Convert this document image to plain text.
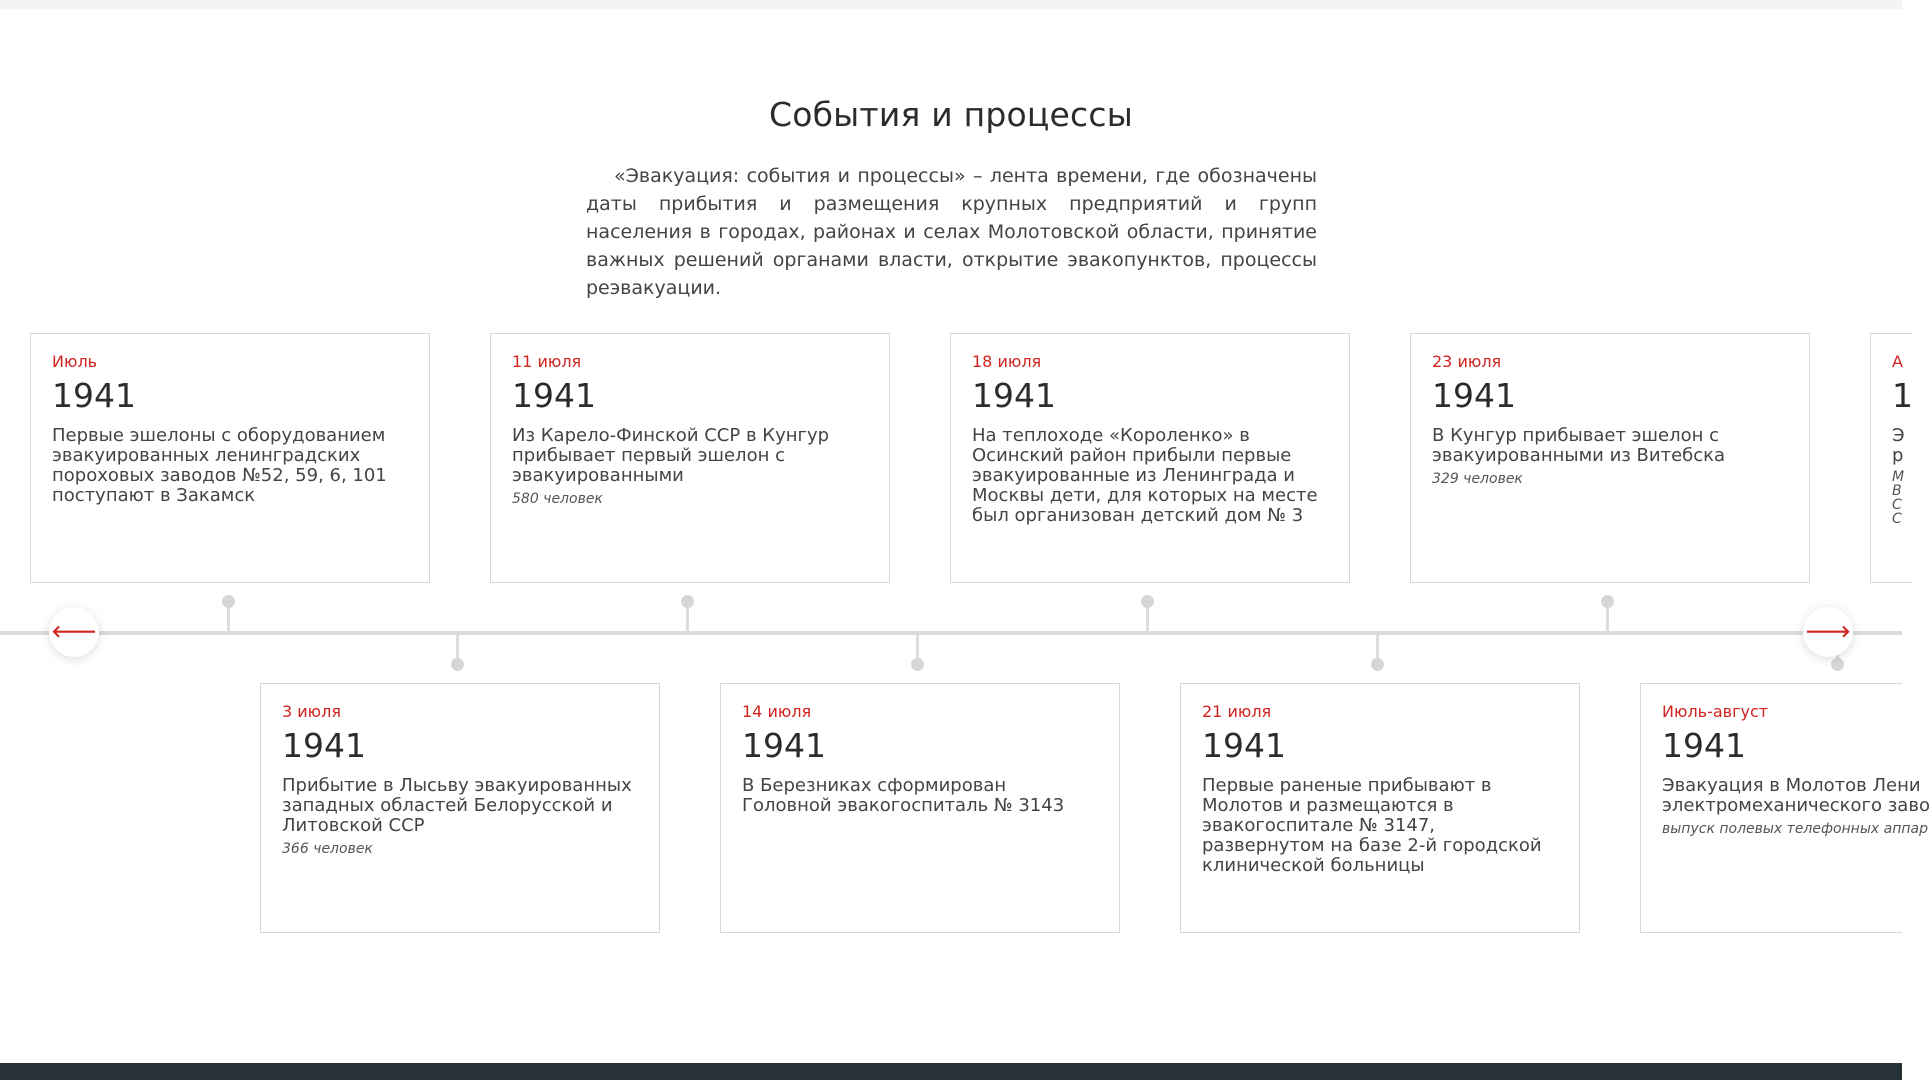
События и процессы

«Эвакуация: события и процессы» – лента времени, где обозначены даты прибытия и размещения крупных предприятий и групп населения в городах, районах и селах Молотовской области, принятие важных решений органами власти, открытие эвакопунктов, процессы реэвакуации.

Июль
1941
Первые эшелоны с оборудованием эвакуированных ленинградских пороховых заводов №52, 59, 6, 101 поступают в Закамск
11 июля
1941
Из Карело-Финской ССР в Кунгур прибывает первый эшелон с эвакуированными
580 человек
18 июля
1941
На теплоходе «Короленко» в Осинский район прибыли первые эвакуированные из Ленинграда и Москвы дети, для которых на месте был организован детский дом № 3
23 июля
1941
В Кунгур прибывает эшелон с эвакуированными из Витебска
329 человек
А
1
Э
р
М
В
С
С
3 июля
1941
Прибытие в Лысьву эвакуированных западных областей Белорусской и Литовской ССР
366 человек
14 июля
1941
В Березниках сформирован Головной эвакогоспиталь № 3143
21 июля
1941
Первые раненые прибывают в Молотов и размещаются в эвакогоспитале № 3147, развернутом на базе 2-й городской клинической больницы
Июль-август
1941
Эвакуация в Молотов Лени
электромеханического заво
выпуск полевых телефонных аппар
🡐	🡒
